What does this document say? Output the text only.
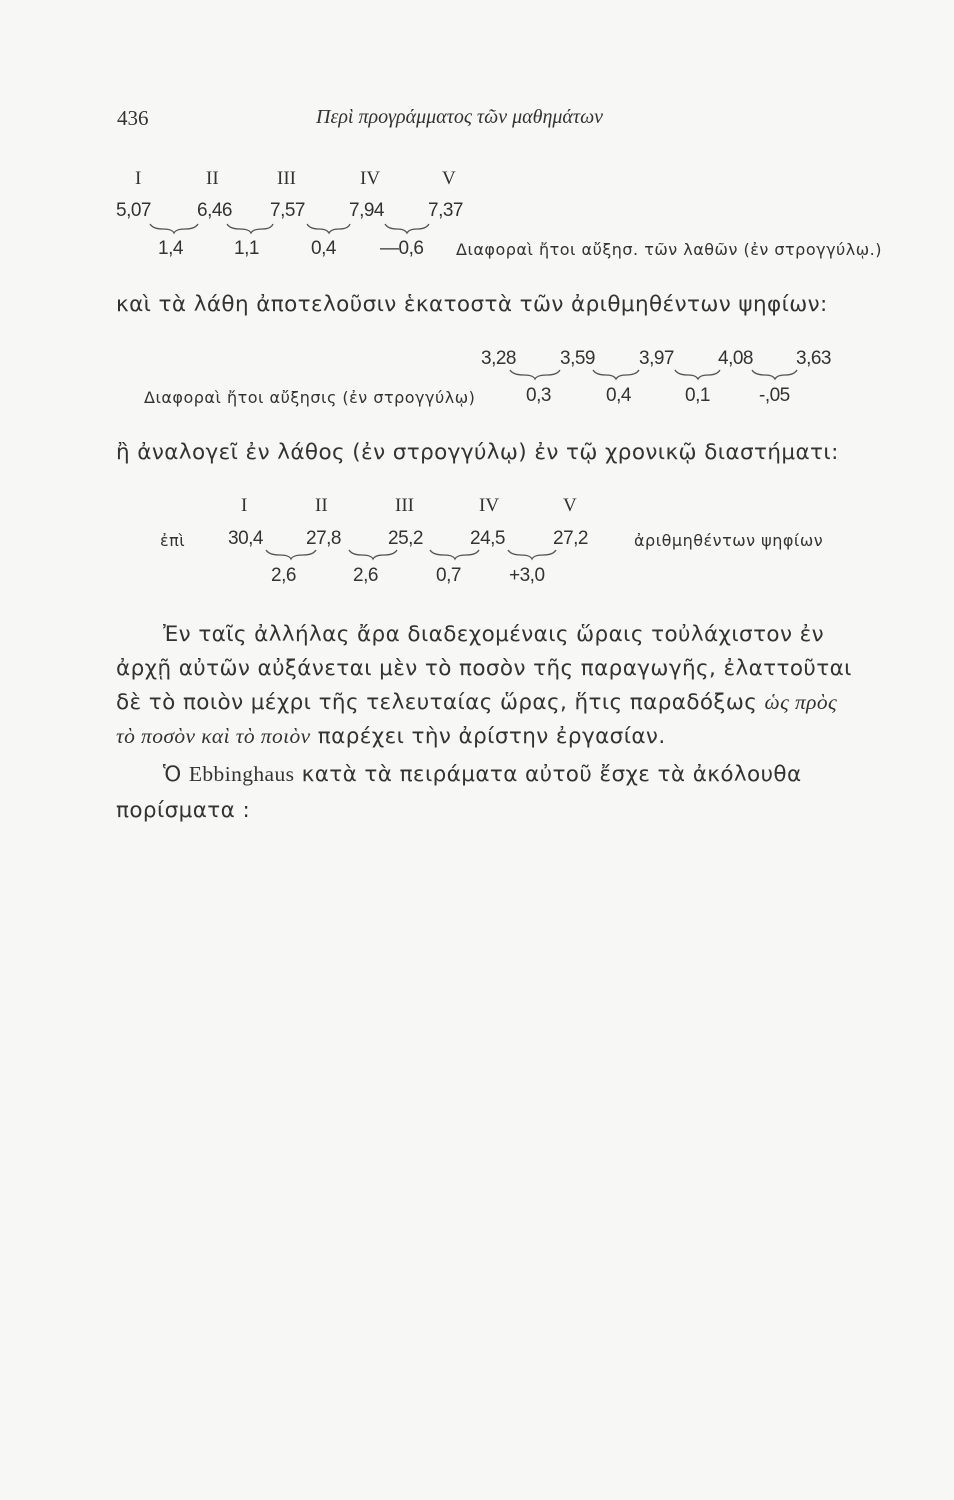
436	Περὶ προγράμματος τῶν μαθημάτων
I	II	III	IV	V
5,07 6,46 7,57 7,94 7,37
1,4	1,1	0,4 —0,6 Διαφοραὶ ἤτοι αὔξησ. τῶν λαθῶν (ἐν στρογγύλῳ.)
καὶ τὰ λάθη ἀποτελοῦσιν ἑκατοστὰ τῶν ἀριθμηθέντων ψηφίων:
3,28 3,59 3,97 4,08 3,63
Διαφοραὶ ἤτοι αὔξησις (ἐν στρογγύλῳ)	0,3	0,4	0,1	-,05
ἢ ἀναλογεῖ ἐν λάθος (ἐν στρογγύλῳ) ἐν τῷ χρονικῷ διαστήματι:
I	II	III	IV	V
ἐπὶ 30,4 27,8 25,2 24,5	27,2	ἀριθμηθέντων ψηφίων
2,6	2,6	0,7	+3,0
Ἐν ταῖς ἀλλήλας ἄρα διαδεχομέναις ὥραις τοὐλάχιστον ἐν
ἀρχῇ αὐτῶν αὐξάνεται μὲν τὸ ποσὸν τῆς παραγωγῆς, ἐλαττοῦται
δὲ τὸ ποιὸν μέχρι τῆς τελευταίας ὥρας, ἥτις παραδόξως ὡς πρὸς
τὸ ποσὸν καὶ τὸ ποιὸν παρέχει τὴν ἀρίστην ἐργασίαν.
Ὁ Ebbinghaus κατὰ τὰ πειράματα αὐτοῦ ἔσχε τὰ ἀκόλουθα
πορίσματα :
